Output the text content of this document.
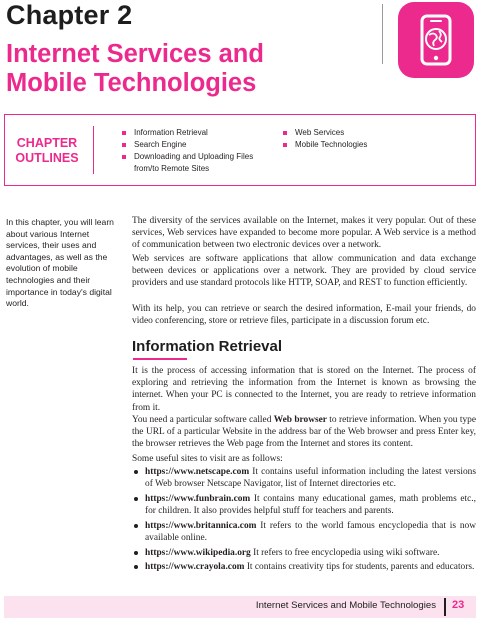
Chapter 2
Internet Services and Mobile Technologies
CHAPTER OUTLINES
Information Retrieval
Search Engine
Downloading and Uploading Files from/to Remote Sites
Web Services
Mobile Technologies
In this chapter, you will learn about various Internet services, their uses and advantages, as well as the evolution of mobile technologies and their importance in today's digital world.

The diversity of the services available on the Internet, makes it very popular. Out of these services, Web services have expanded to become more popular. A Web service is a method of communication between two electronic devices over a network.

Web services are software applications that allow communication and data exchange between devices or applications over a network. They are provided by cloud service providers and use standard protocols like HTTP, SOAP, and REST to function efficiently.

With its help, you can retrieve or search the desired information, E-mail your friends, do video conferencing, store or retrieve files, participate in a discussion forum etc.

Information Retrieval

It is the process of accessing information that is stored on the Internet. The process of exploring and retrieving the information from the Internet is known as browsing the internet. When your PC is connected to the Internet, you are ready to retrieve information from it.

You need a particular software called Web browser to retrieve information. When you type the URL of a particular Website in the address bar of the Web browser and press Enter key, the browser retrieves the Web page from the Internet and stores its content.

Some useful sites to visit are as follows:

https://www.netscape.com It contains useful information including the latest versions of Web browser Netscape Navigator, list of Internet directories etc.
https://www.funbrain.com It contains many educational games, math problems etc., for children. It also provides helpful stuff for teachers and parents.
https://www.britannica.com It refers to the world famous encyclopedia that is now available online.
https://www.wikipedia.org It refers to free encyclopedia using wiki software.
https://www.crayola.com It contains creativity tips for students, parents and educators.
Internet Services and Mobile Technologies 23
